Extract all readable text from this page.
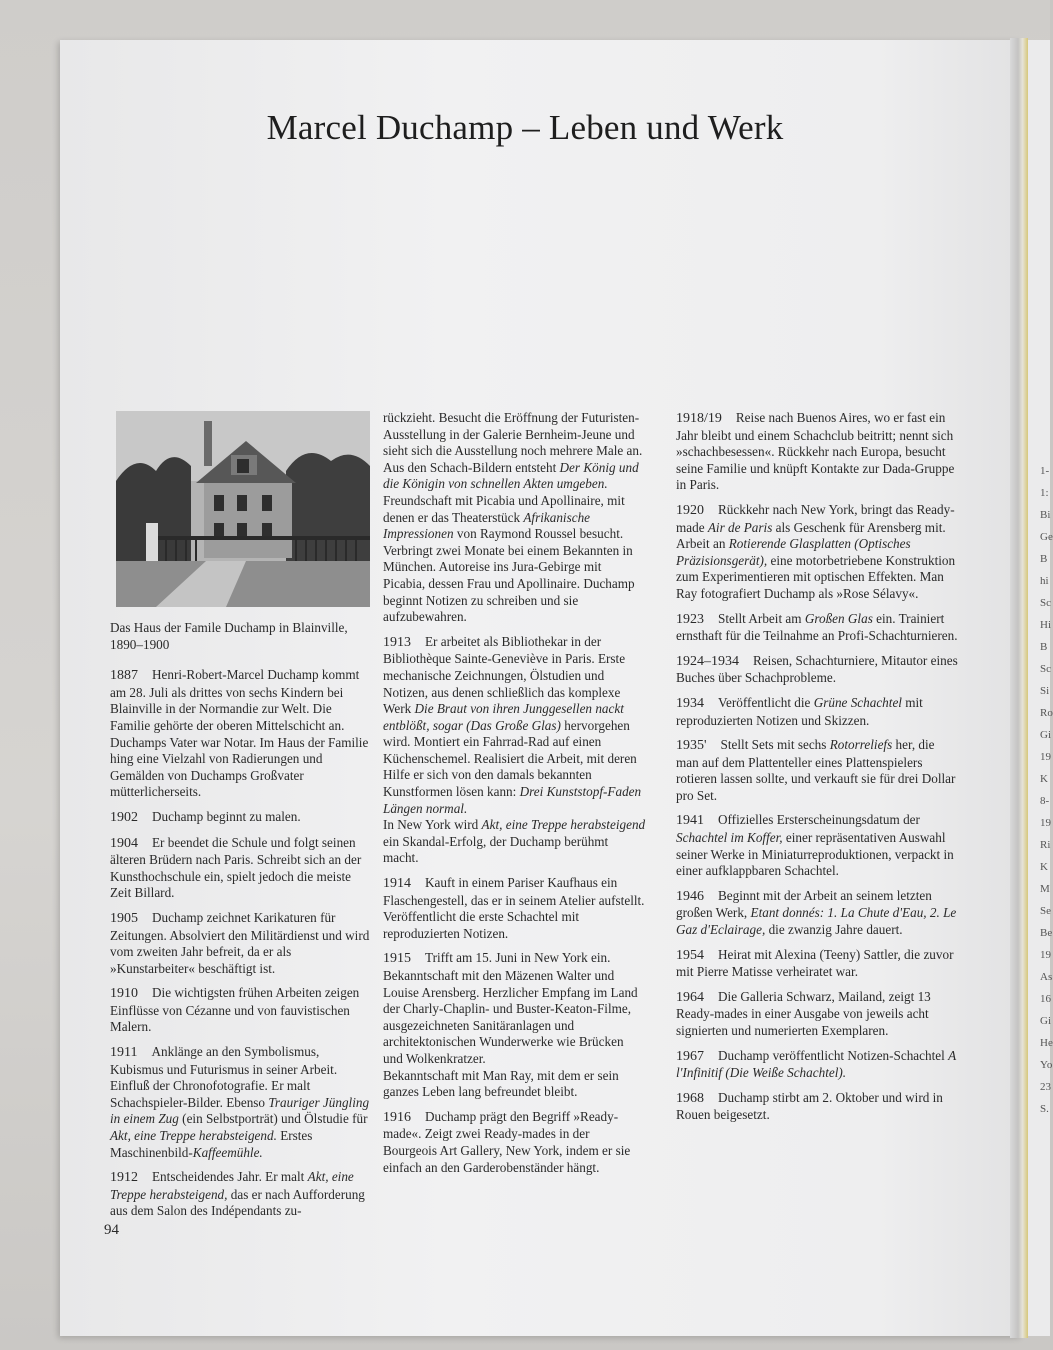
1-
1:
Bi
Ge
B
hi
Sc
Hi
B
Sc
Si
Ro
Gi
19
K
8-
19
Ri
K
M
Se
Be
19
As
16
Gi
He
Yo
23
S.
Marcel Duchamp – Leben und Werk

Das Haus der Famile Duchamp in Blainville, 1890–1900

1887 Henri-Robert-Marcel Duchamp kommt am 28. Juli als drittes von sechs Kindern bei Blainville in der Normandie zur Welt. Die Familie gehörte der oberen Mittelschicht an. Duchamps Vater war Notar. Im Haus der Familie hing eine Vielzahl von Radierungen und Gemälden von Duchamps Großvater mütterlicherseits.

1902 Duchamp beginnt zu malen.

1904 Er beendet die Schule und folgt seinen älteren Brüdern nach Paris. Schreibt sich an der Kunsthochschule ein, spielt jedoch die meiste Zeit Billard.

1905 Duchamp zeichnet Karikaturen für Zeitungen. Absolviert den Militärdienst und wird vom zweiten Jahr befreit, da er als »Kunstarbeiter« beschäftigt ist.

1910 Die wichtigsten frühen Arbeiten zeigen Einflüsse von Cézanne und von fauvistischen Malern.

1911 Anklänge an den Symbolismus, Kubismus und Futurismus in seiner Arbeit. Einfluß der Chronofotografie. Er malt Schachspieler-Bilder. Ebenso Trauriger Jüngling in einem Zug (ein Selbstporträt) und Ölstudie für Akt, eine Treppe herabsteigend. Erstes Maschinenbild-Kaffeemühle.

1912 Entscheidendes Jahr. Er malt Akt, eine Treppe herabsteigend, das er nach Aufforderung aus dem Salon des Indépendants zu-

rückzieht. Besucht die Eröffnung der Futuristen-Ausstellung in der Galerie Bernheim-Jeune und sieht sich die Ausstellung noch mehrere Male an. Aus den Schach-Bildern entsteht Der König und die Königin von schnellen Akten umgeben.

Freundschaft mit Picabia und Apollinaire, mit denen er das Theaterstück Afrikanische Impressionen von Raymond Roussel besucht. Verbringt zwei Monate bei einem Bekannten in München. Autoreise ins Jura-Gebirge mit Picabia, dessen Frau und Apollinaire. Duchamp beginnt Notizen zu schreiben und sie aufzubewahren.

1913 Er arbeitet als Bibliothekar in der Bibliothèque Sainte-Geneviève in Paris. Erste mechanische Zeichnungen, Ölstudien und Notizen, aus denen schließlich das komplexe Werk Die Braut von ihren Junggesellen nackt entblößt, sogar (Das Große Glas) hervorgehen wird. Montiert ein Fahrrad-Rad auf einen Küchenschemel. Realisiert die Arbeit, mit deren Hilfe er sich von den damals bekannten Kunstformen lösen kann: Drei Kunststopf-Faden Längen normal.

In New York wird Akt, eine Treppe herabsteigend ein Skandal-Erfolg, der Duchamp berühmt macht.

1914 Kauft in einem Pariser Kaufhaus ein Flaschengestell, das er in seinem Atelier aufstellt. Veröffentlicht die erste Schachtel mit reproduzierten Notizen.

1915 Trifft am 15. Juni in New York ein. Bekanntschaft mit den Mäzenen Walter und Louise Arensberg. Herzlicher Empfang im Land der Charly-Chaplin- und Buster-Keaton-Filme, ausgezeichneten Sanitäranlagen und architektonischen Wunderwerke wie Brücken und Wolkenkratzer.

Bekanntschaft mit Man Ray, mit dem er sein ganzes Leben lang befreundet bleibt.

1916 Duchamp prägt den Begriff »Ready-made«. Zeigt zwei Ready-mades in der Bourgeois Art Gallery, New York, indem er sie einfach an den Garderobenständer hängt.

1918/19 Reise nach Buenos Aires, wo er fast ein Jahr bleibt und einem Schachclub beitritt; nennt sich »schachbesessen«. Rückkehr nach Europa, besucht seine Familie und knüpft Kontakte zur Dada-Gruppe in Paris.

1920 Rückkehr nach New York, bringt das Ready-made Air de Paris als Geschenk für Arensberg mit. Arbeit an Rotierende Glasplatten (Optisches Präzisionsgerät), eine motorbetriebene Konstruktion zum Experimentieren mit optischen Effekten. Man Ray fotografiert Duchamp als »Rose Sélavy«.

1923 Stellt Arbeit am Großen Glas ein. Trainiert ernsthaft für die Teilnahme an Profi-Schachturnieren.

1924–1934 Reisen, Schachturniere, Mitautor eines Buches über Schachprobleme.

1934 Veröffentlicht die Grüne Schachtel mit reproduzierten Notizen und Skizzen.

1935' Stellt Sets mit sechs Rotorreliefs her, die man auf dem Plattenteller eines Plattenspielers rotieren lassen sollte, und verkauft sie für drei Dollar pro Set.

1941 Offizielles Ersterscheinungsdatum der Schachtel im Koffer, einer repräsentativen Auswahl seiner Werke in Miniaturreproduktionen, verpackt in einer aufklappbaren Schachtel.

1946 Beginnt mit der Arbeit an seinem letzten großen Werk, Etant donnés: 1. La Chute d'Eau, 2. Le Gaz d'Eclairage, die zwanzig Jahre dauert.

1954 Heirat mit Alexina (Teeny) Sattler, die zuvor mit Pierre Matisse verheiratet war.

1964 Die Galleria Schwarz, Mailand, zeigt 13 Ready-mades in einer Ausgabe von jeweils acht signierten und numerierten Exemplaren.

1967 Duchamp veröffentlicht Notizen-Schachtel A l'Infinitif (Die Weiße Schachtel).

1968 Duchamp stirbt am 2. Oktober und wird in Rouen beigesetzt.

94
